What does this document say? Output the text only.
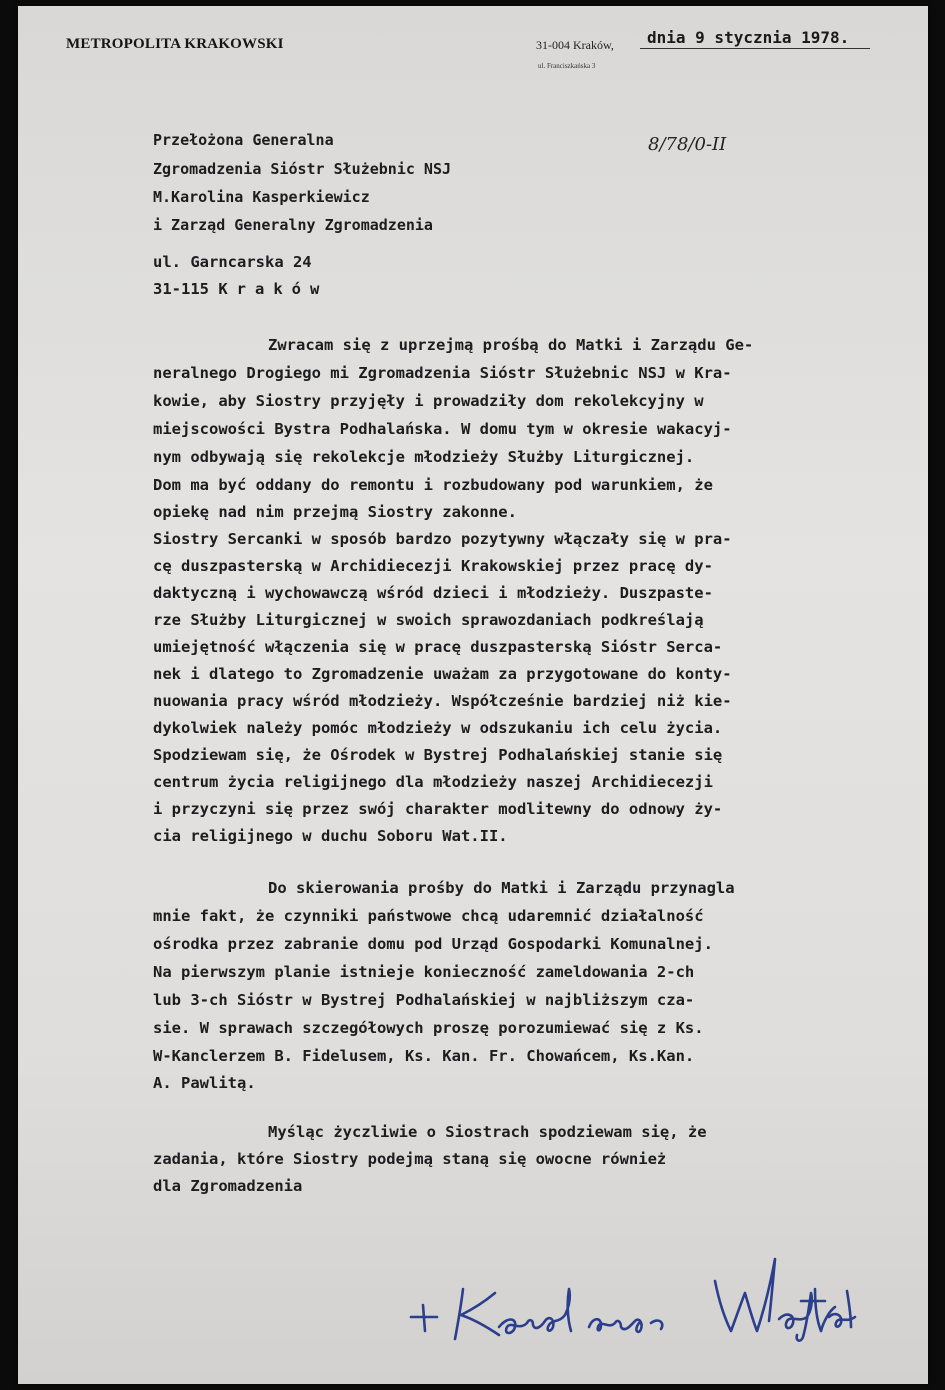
METROPOLITA KRAKOWSKI	31-004 Kraków,
ul. Franciszkańska 3
dnia 9 stycznia 1978.
8/78/0-II
Przełożona Generalna
Zgromadzenia Sióstr Służebnic NSJ
M.Karolina Kasperkiewicz
i Zarząd Generalny Zgromadzenia
ul. Garncarska 24
31-115 Kraków
Zwracam się z uprzejmą prośbą do Matki i Zarządu Ge-
neralnego Drogiego mi Zgromadzenia Sióstr Służebnic NSJ w Kra-
kowie, aby Siostry przyjęły i prowadziły dom rekolekcyjny w
miejscowości Bystra Podhalańska. W domu tym w okresie wakacyj-
nym odbywają się rekolekcje młodzieży Służby Liturgicznej.
Dom ma być oddany do remontu i rozbudowany pod warunkiem, że
opiekę nad nim przejmą Siostry zakonne.
Siostry Sercanki w sposób bardzo pozytywny włączały się w pra-
cę duszpasterską w Archidiecezji Krakowskiej przez pracę dy-
daktyczną i wychowawczą wśród dzieci i młodzieży. Duszpaste-
rze Służby Liturgicznej w swoich sprawozdaniach podkreślają
umiejętność włączenia się w pracę duszpasterską Sióstr Serca-
nek i dlatego to Zgromadzenie uważam za przygotowane do konty-
nuowania pracy wśród młodzieży. Współcześnie bardziej niż kie-
dykolwiek należy pomóc młodzieży w odszukaniu ich celu życia.
Spodziewam się, że Ośrodek w Bystrej Podhalańskiej stanie się
centrum życia religijnego dla młodzieży naszej Archidiecezji
i przyczyni się przez swój charakter modlitewny do odnowy ży-
cia religijnego w duchu Soboru Wat.II.
Do skierowania prośby do Matki i Zarządu przynagla
mnie fakt, że czynniki państwowe chcą udaremnić działalność
ośrodka przez zabranie domu pod Urząd Gospodarki Komunalnej.
Na pierwszym planie istnieje konieczność zameldowania 2-ch
lub 3-ch Sióstr w Bystrej Podhalańskiej w najbliższym cza-
sie. W sprawach szczegółowych proszę porozumiewać się z Ks.
W-Kanclerzem B. Fidelusem, Ks. Kan. Fr. Chowańcem, Ks.Kan.
A. Pawlitą.
Myśląc życzliwie o Siostrach spodziewam się, że
zadania, które Siostry podejmą staną się owocne również
dla Zgromadzenia
